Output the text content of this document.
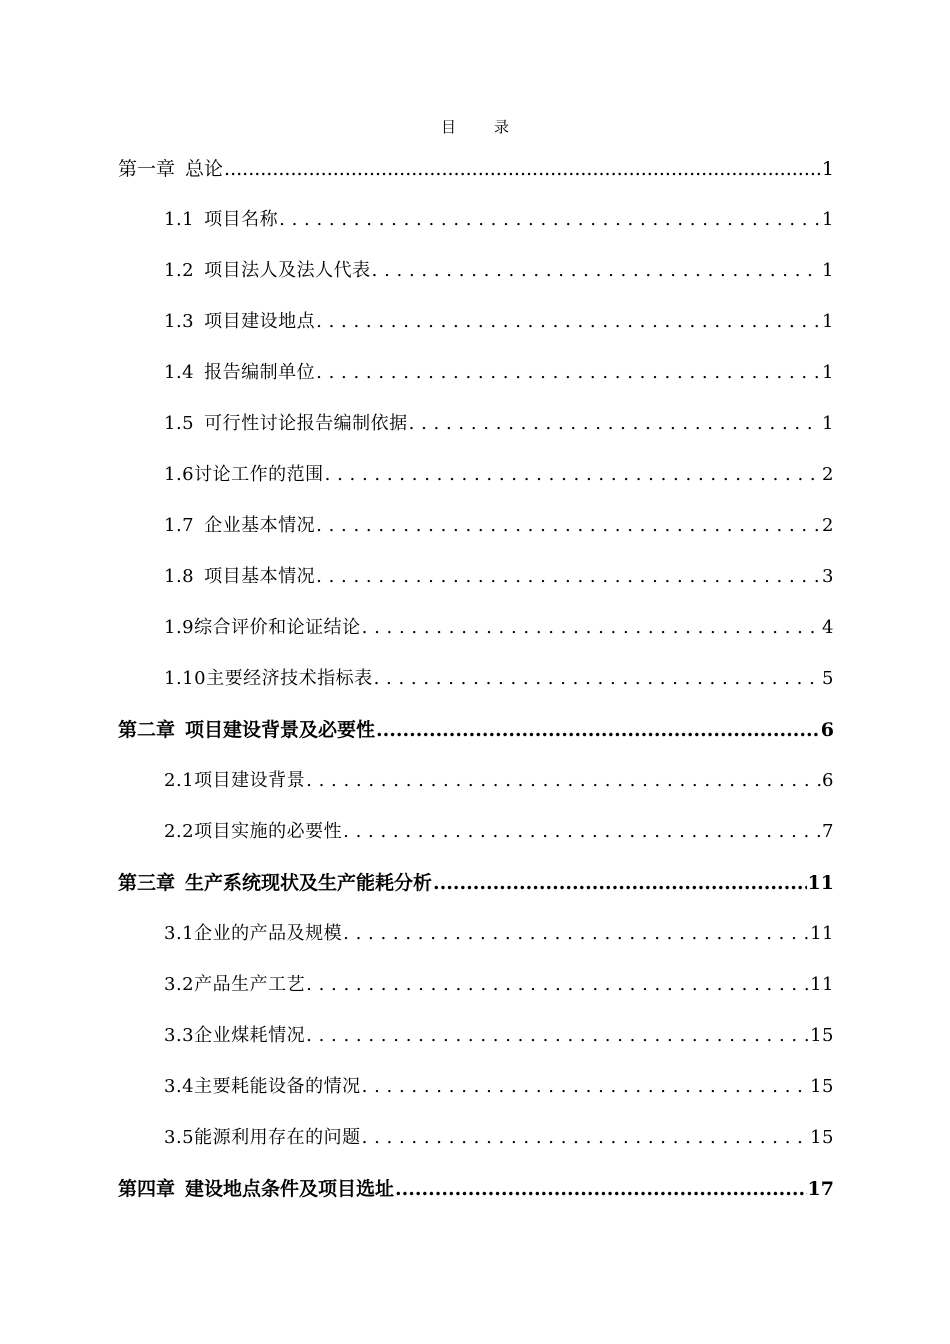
目	录
第一章 总论 .....	1
1.1 项目名称 . . .	1
1.2 项目法人及法人代表 . . .	1
1.3 项目建设地点 . . .	1
1.4 报告编制单位 . . .	1
1.5 可行性讨论报告编制依据 . . .	1
1.6讨论工作的范围 . . .	2
1.7 企业基本情况 . . .	2
1.8 项目基本情况 . . .	3
1.9综合评价和论证结论 . . .	4
1.10主要经济技术指标表 . . .	5
第二章 项目建设背景及必要性 .....	6
2.1项目建设背景 . . .	6
2.2项目实施的必要性 . . .	7
第三章 生产系统现状及生产能耗分析 .....	11
3.1企业的产品及规模 . . .	11
3.2产品生产工艺 . . .	11
3.3企业煤耗情况 . . .	15
3.4主要耗能设备的情况 . . .	15
3.5能源利用存在的问题 . . .	15
第四章 建设地点条件及项目选址 .....	17
